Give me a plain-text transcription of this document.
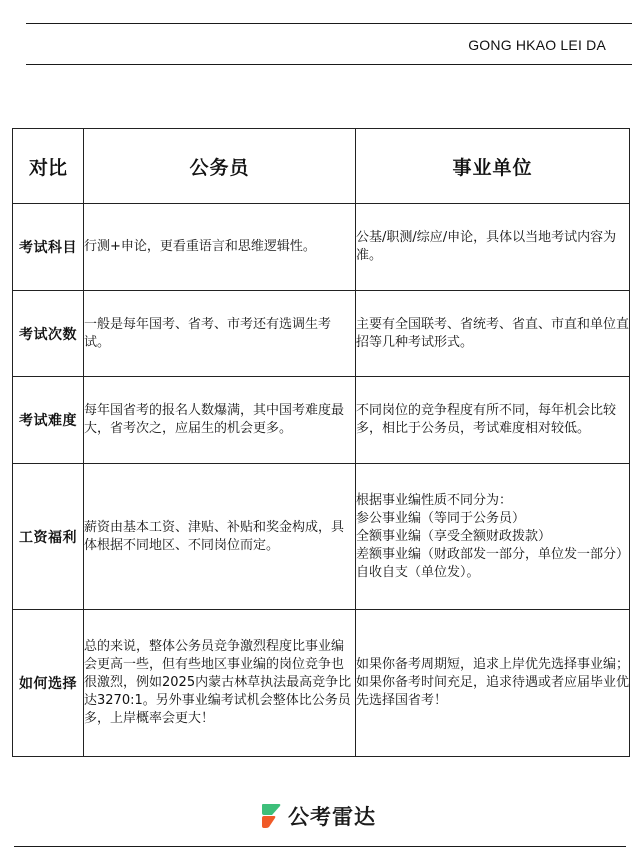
GONG HKAO LEI DA
对比	公务员	事业单位
考试科目	行测+申论，更看重语言和思维逻辑性。	公基/职测/综应/申论，具体以当地考试内容为准。

考试次数	一般是每年国考、省考、市考还有选调生考试。	主要有全国联考、省统考、省直、市直和单位直招等几种考试形式。

考试难度	每年国省考的报名人数爆满，其中国考难度最大，省考次之，应届生的机会更多。	不同岗位的竞争程度有所不同，每年机会比较多，相比于公务员，考试难度相对较低。

工资福利	薪资由基本工资、津贴、补贴和奖金构成，具体根据不同地区、不同岗位而定。	根据事业编性质不同分为：
参公事业编（等同于公务员）
全额事业编（享受全额财政拨款）
差额事业编（财政部发一部分，单位发一部分）
自收自支（单位发）。

如何选择	总的来说，整体公务员竞争激烈程度比事业编会更高一些，但有些地区事业编的岗位竞争也很激烈，例如2025内蒙古林草执法最高竞争比达3270:1。另外事业编考试机会整体比公务员多，上岸概率会更大！	如果你备考周期短，追求上岸优先选择事业编；如果你备考时间充足，追求待遇或者应届毕业优先选择国省考！
公考雷达
